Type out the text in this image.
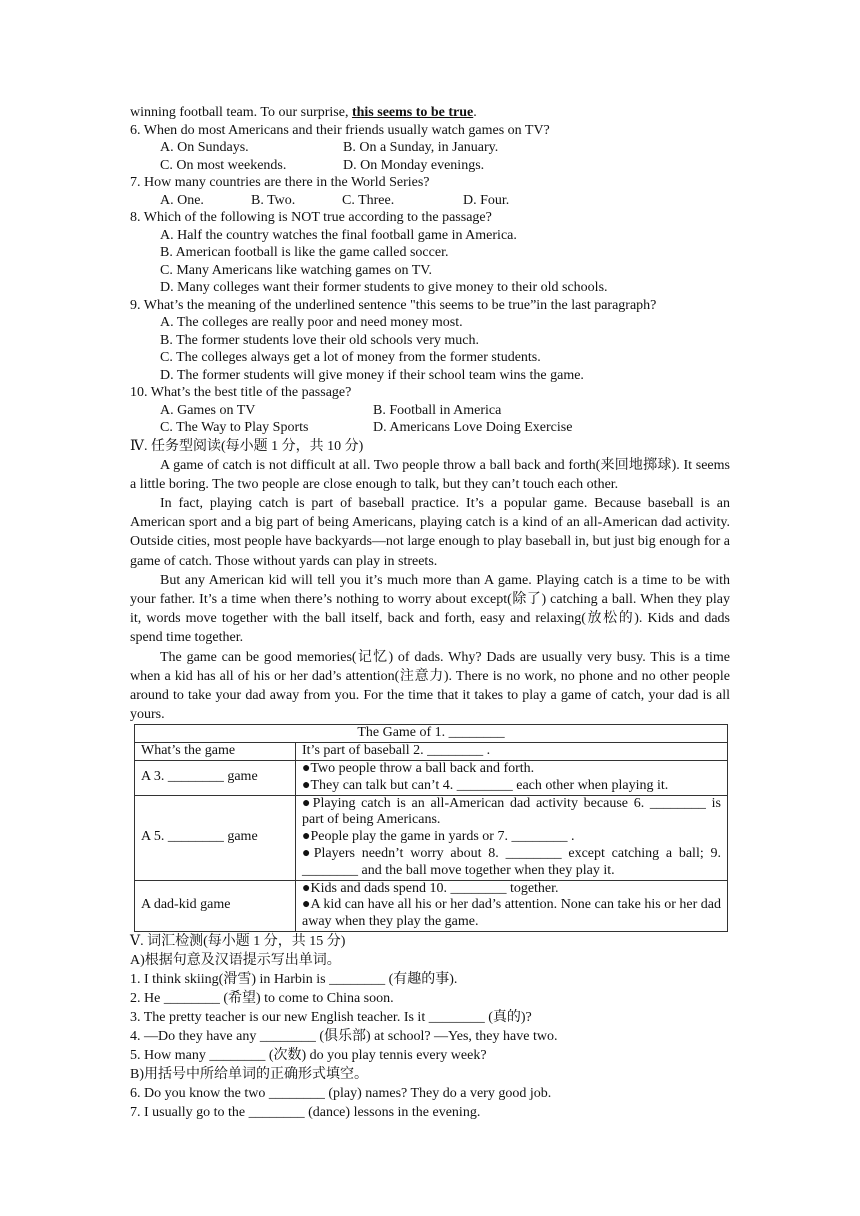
winning football team. To our surprise, this seems to be true.
6. When do most Americans and their friends usually watch games on TV?
A. On Sundays.	B. On a Sunday, in January.
C. On most weekends.	D. On Monday evenings.
7. How many countries are there in the World Series?
A. One.	B. Two.	C. Three.	D. Four.
8. Which of the following is NOT true according to the passage?
A. Half the country watches the final football game in America.
B. American football is like the game called soccer.
C. Many Americans like watching games on TV.
D. Many colleges want their former students to give money to their old schools.
9. What’s the meaning of the underlined sentence "this seems to be true”in the last paragraph?
A. The colleges are really poor and need money most.
B. The former students love their old schools very much.
C. The colleges always get a lot of money from the former students.
D. The former students will give money if their school team wins the game.
10. What’s the best title of the passage?
A. Games on TV	B. Football in America
C. The Way to Play Sports	D. Americans Love Doing Exercise
Ⅳ. 任务型阅读(每小题 1 分，共 10 分)
A game of catch is not difficult at all. Two people throw a ball back and forth(来回地掷球). It seems a little boring. The two people are close enough to talk, but they can’t touch each other.
In fact, playing catch is part of baseball practice. It’s a popular game. Because baseball is an American sport and a big part of being Americans, playing catch is a kind of an all-American dad activity. Outside cities, most people have backyards—not large enough to play baseball in, but just big enough for a game of catch. Those without yards can play in streets.
But any American kid will tell you it’s much more than A game. Playing catch is a time to be with your father. It’s a time when there’s nothing to worry about except(除了) catching a ball. When they play it, words move together with the ball itself, back and forth, easy and relaxing(放松的). Kids and dads spend time together.
The game can be good memories(记忆) of dads. Why? Dads are usually very busy. This is a time when a kid has all of his or her dad’s attention(注意力). There is no work, no phone and no other people around to take your dad away from you. For the time that it takes to play a game of catch, your dad is all yours.
The Game of 1. ________	
What’s the game	It’s part of baseball 2. ________ .

A 3. ________ game	●Two people throw a ball back and forth.
●They can talk but can’t 4. ________ each other when playing it.

A 5. ________ game	●Playing catch is an all-American dad activity because 6. ________ is part of being Americans.
●People play the game in yards or 7. ________ .
●Players needn’t worry about 8. ________ except catching a ball; 9. ________ and the ball move together when they play it.

A dad-kid game	●Kids and dads spend 10. ________ together.
●A kid can have all his or her dad’s attention. None can take his or her dad away when they play the game.
Ⅴ. 词汇检测(每小题 1 分，共 15 分)
A)根据句意及汉语提示写出单词。
1. I think skiing(滑雪) in Harbin is ________ (有趣的事).
2. He ________ (希望) to come to China soon.
3. The pretty teacher is our new English teacher. Is it ________ (真的)?
4. —Do they have any ________ (俱乐部) at school? —Yes, they have two.
5. How many ________ (次数) do you play tennis every week?
B)用括号中所给单词的正确形式填空。
6. Do you know the two ________ (play) names? They do a very good job.
7. I usually go to the ________ (dance) lessons in the evening.
